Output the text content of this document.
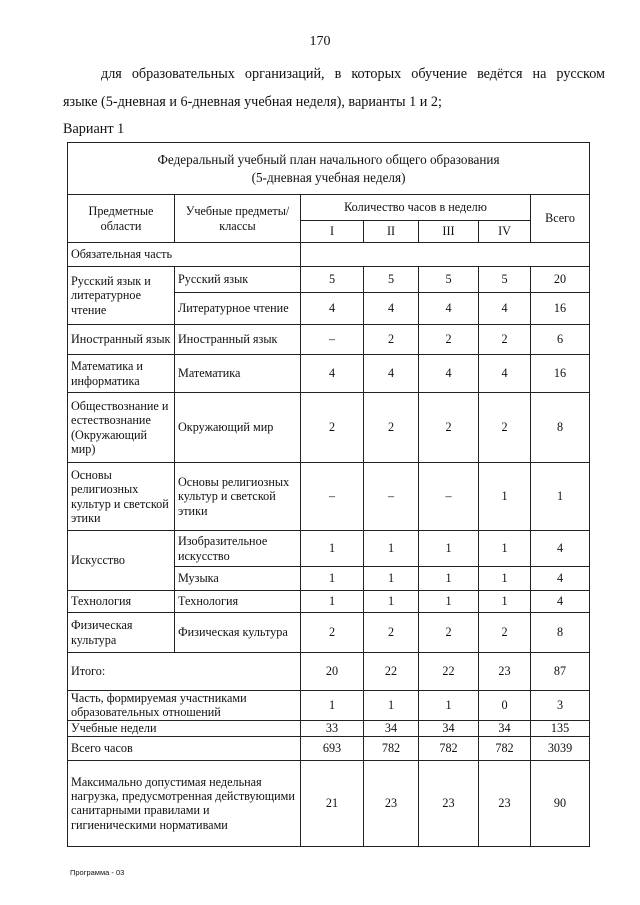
170
для образовательных организаций, в которых обучение ведётся на русском
языке (5-дневная и 6-дневная учебная неделя), варианты 1 и 2;
Вариант 1
Федеральный учебный план начального общего образования
(5-дневная учебная неделя)						

Предметные области	Учебные предметы/ классы	Количество часов в неделю				Всего
		I	II	III	IV	
Обязательная часть						
Русский язык и литературное чтение	Русский язык	5	5	5	5	20
	Литературное чтение	4	4	4	4	16
Иностранный язык	Иностранный язык	–	2	2	2	6
Математика и информатика	Математика	4	4	4	4	16
Обществознание и естествознание (Окружающий мир)	Окружающий мир	2	2	2	2	8
Основы религиозных культур и светской этики	Основы религиозных культур и светской этики	–	–	–	1	1
Искусство	Изобразительное искусство	1	1	1	1	4
	Музыка	1	1	1	1	4
Технология	Технология	1	1	1	1	4
Физическая культура	Физическая культура	2	2	2	2	8
Итого:		20	22	22	23	87
Часть, формируемая участниками образовательных отношений		1	1	1	0	3
Учебные недели		33	34	34	34	135
Всего часов		693	782	782	782	3039
Максимально допустимая недельная нагрузка, предусмотренная действующими санитарными правилами и гигиеническими нормативами		21	23	23	23	90
Программа - 03
